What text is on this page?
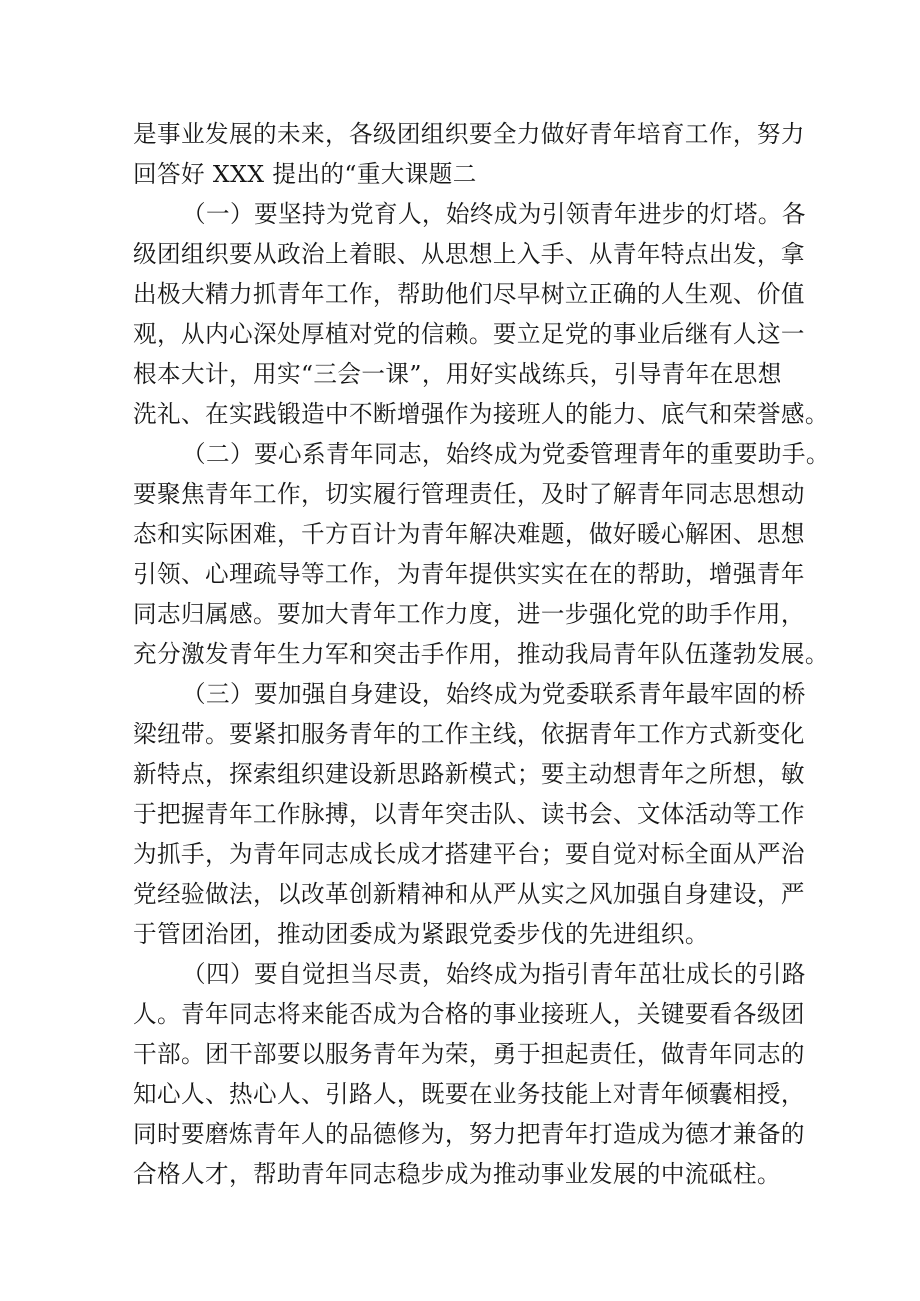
是事业发展的未来，各级团组织要全力做好青年培育工作，努力
回答好 XXX 提出的“重大课题二
（一）要坚持为党育人，始终成为引领青年进步的灯塔。各
级团组织要从政治上着眼、从思想上入手、从青年特点出发，拿
出极大精力抓青年工作，帮助他们尽早树立正确的人生观、价值
观，从内心深处厚植对党的信赖。要立足党的事业后继有人这一
根本大计，用实“三会一课”，用好实战练兵，引导青年在思想
洗礼、在实践锻造中不断增强作为接班人的能力、底气和荣誉感。
（二）要心系青年同志，始终成为党委管理青年的重要助手。
要聚焦青年工作，切实履行管理责任，及时了解青年同志思想动
态和实际困难，千方百计为青年解决难题，做好暖心解困、思想
引领、心理疏导等工作，为青年提供实实在在的帮助，增强青年
同志归属感。要加大青年工作力度，进一步强化党的助手作用，
充分激发青年生力军和突击手作用，推动我局青年队伍蓬勃发展。
（三）要加强自身建设，始终成为党委联系青年最牢固的桥
梁纽带。要紧扣服务青年的工作主线，依据青年工作方式新变化
新特点，探索组织建设新思路新模式；要主动想青年之所想，敏
于把握青年工作脉搏，以青年突击队、读书会、文体活动等工作
为抓手，为青年同志成长成才搭建平台；要自觉对标全面从严治
党经验做法，以改革创新精神和从严从实之风加强自身建设，严
于管团治团，推动团委成为紧跟党委步伐的先进组织。
（四）要自觉担当尽责，始终成为指引青年茁壮成长的引路
人。青年同志将来能否成为合格的事业接班人，关键要看各级团
干部。团干部要以服务青年为荣，勇于担起责任，做青年同志的
知心人、热心人、引路人，既要在业务技能上对青年倾囊相授，
同时要磨炼青年人的品德修为，努力把青年打造成为德才兼备的
合格人才，帮助青年同志稳步成为推动事业发展的中流砥柱。
